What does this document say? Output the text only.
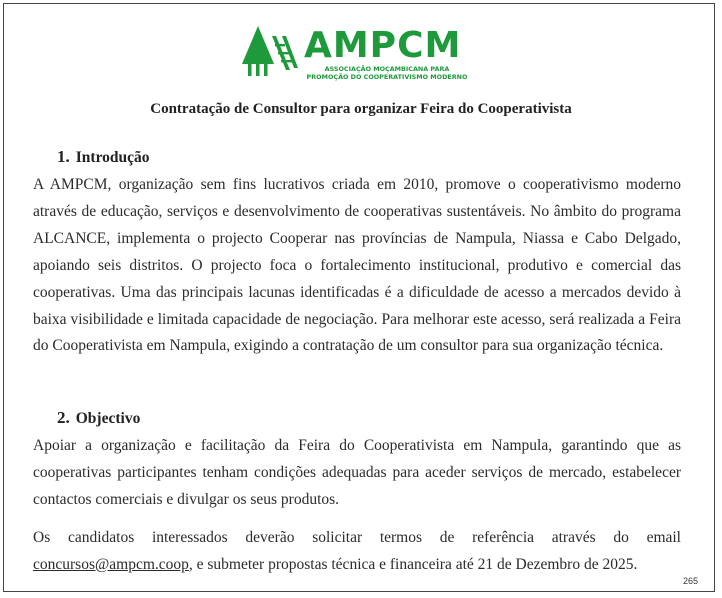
AMPCM
ASSOCIAÇÃO MOÇAMBICANA PARA PROMOÇÃO DO COOPERATIVISMO MODERNO
Contratação de Consultor para organizar Feira do Cooperativista
1. Introdução
A AMPCM, organização sem fins lucrativos criada em 2010, promove o cooperativismo moderno através de educação, serviços e desenvolvimento de cooperativas sustentáveis. No âmbito do programa ALCANCE, implementa o projecto Cooperar nas províncias de Nampula, Niassa e Cabo Delgado, apoiando seis distritos. O projecto foca o fortalecimento institucional, produtivo e comercial das cooperativas. Uma das principais lacunas identificadas é a dificuldade de acesso a mercados devido à baixa visibilidade e limitada capacidade de negociação. Para melhorar este acesso, será realizada a Feira do Cooperativista em Nampula, exigindo a contratação de um consultor para sua organização técnica.
2. Objectivo
Apoiar a organização e facilitação da Feira do Cooperativista em Nampula, garantindo que as cooperativas participantes tenham condições adequadas para aceder serviços de mercado, estabelecer contactos comerciais e divulgar os seus produtos.
Os candidatos interessados deverão solicitar termos de referência através do email
concursos@ampcm.coop, e submeter propostas técnica e financeira até 21 de Dezembro de 2025.
265
